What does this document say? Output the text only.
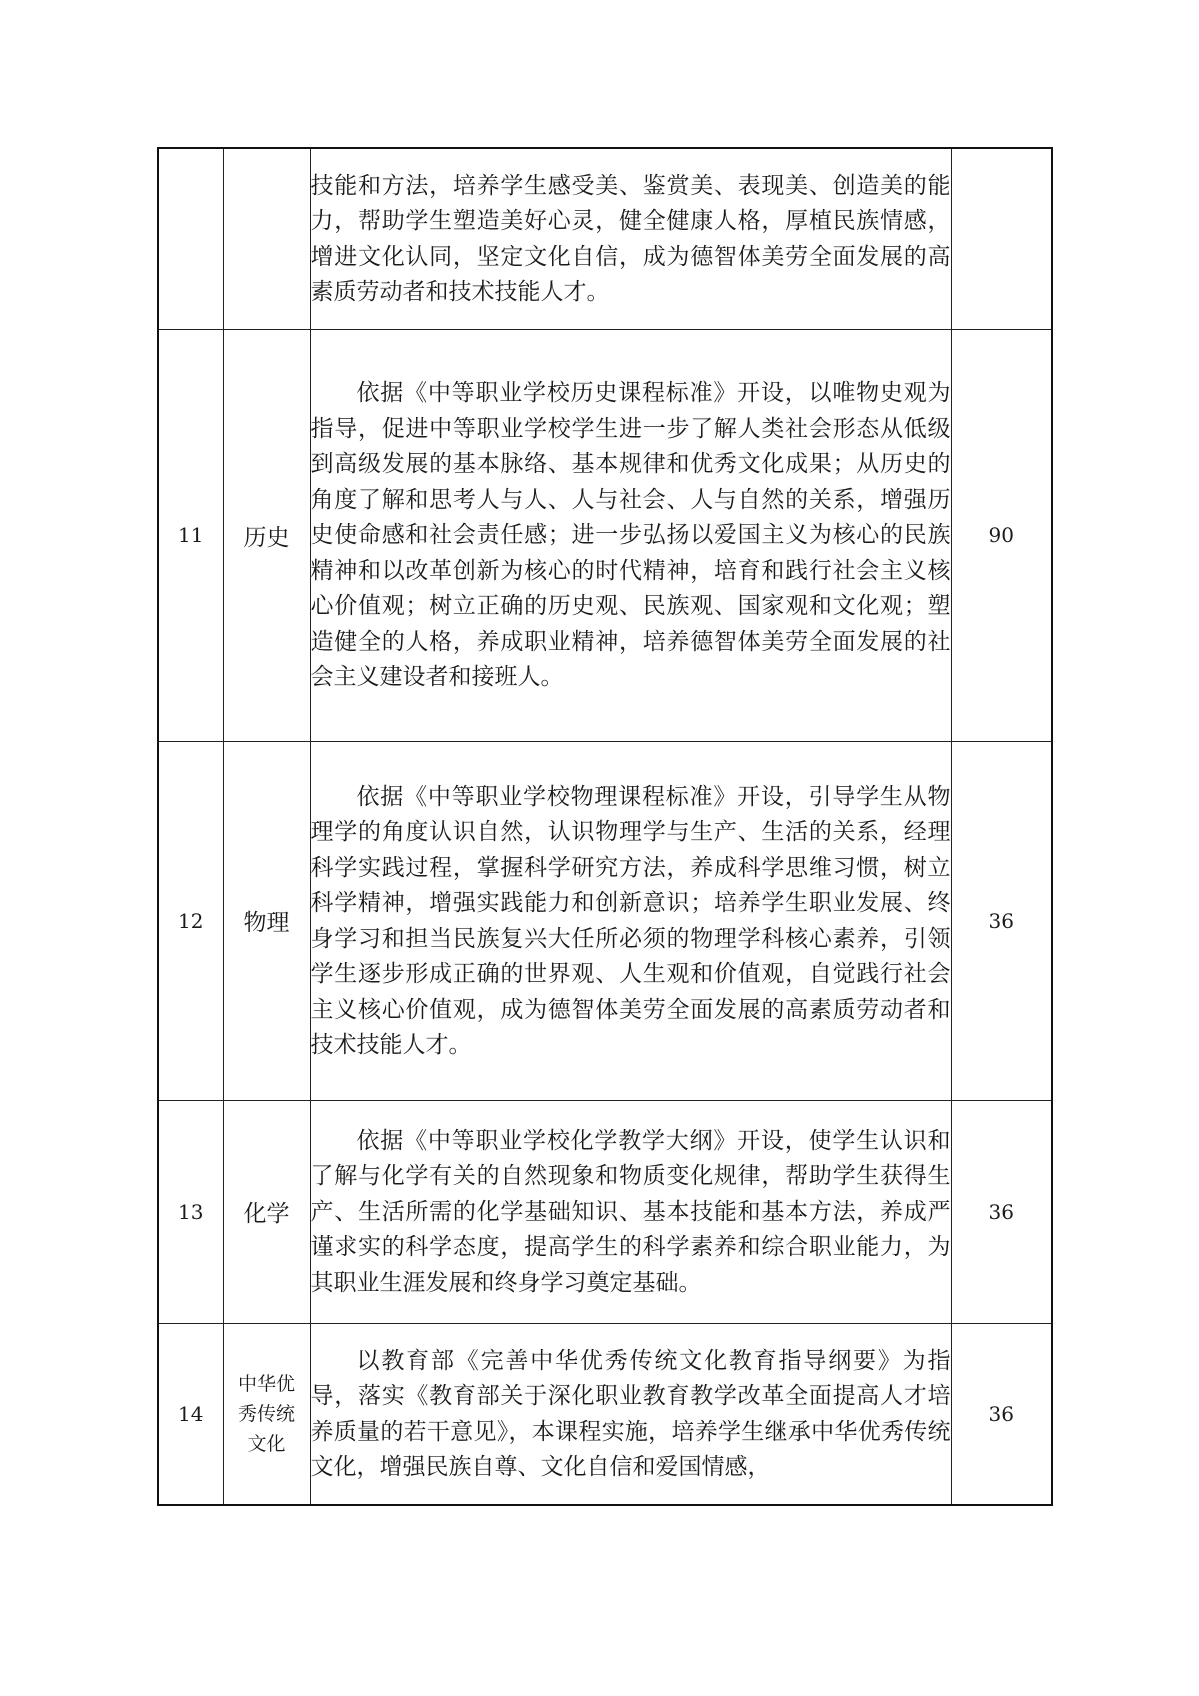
		技能和方法，培养学生感受美、鉴赏美、表现美、创造美的能力，帮助学生塑造美好心灵，健全健康人格，厚植民族情感，增进文化认同，坚定文化自信，成为德智体美劳全面发展的高素质劳动者和技术技能人才。	

11	历史	依据《中等职业学校历史课程标准》开设，以唯物史观为指导，促进中等职业学校学生进一步了解人类社会形态从低级到高级发展的基本脉络、基本规律和优秀文化成果；从历史的角度了解和思考人与人、人与社会、人与自然的关系，增强历史使命感和社会责任感；进一步弘扬以爱国主义为核心的民族精神和以改革创新为核心的时代精神，培育和践行社会主义核心价值观；树立正确的历史观、民族观、国家观和文化观；塑造健全的人格，养成职业精神，培养德智体美劳全面发展的社会主义建设者和接班人。	90
12	物理	依据《中等职业学校物理课程标准》开设，引导学生从物理学的角度认识自然，认识物理学与生产、生活的关系，经理科学实践过程，掌握科学研究方法，养成科学思维习惯，树立科学精神，增强实践能力和创新意识；培养学生职业发展、终身学习和担当民族复兴大任所必须的物理学科核心素养，引领学生逐步形成正确的世界观、人生观和价值观，自觉践行社会主义核心价值观，成为德智体美劳全面发展的高素质劳动者和技术技能人才。	36
13	化学	依据《中等职业学校化学教学大纲》开设，使学生认识和了解与化学有关的自然现象和物质变化规律，帮助学生获得生产、生活所需的化学基础知识、基本技能和基本方法，养成严谨求实的科学态度，提高学生的科学素养和综合职业能力，为其职业生涯发展和终身学习奠定基础。	36
14	中华优秀传统文化	以教育部《完善中华优秀传统文化教育指导纲要》为指导，落实《教育部关于深化职业教育教学改革全面提高人才培养质量的若干意见》，本课程实施，培养学生继承中华优秀传统文化，增强民族自尊、文化自信和爱国情感，	36
